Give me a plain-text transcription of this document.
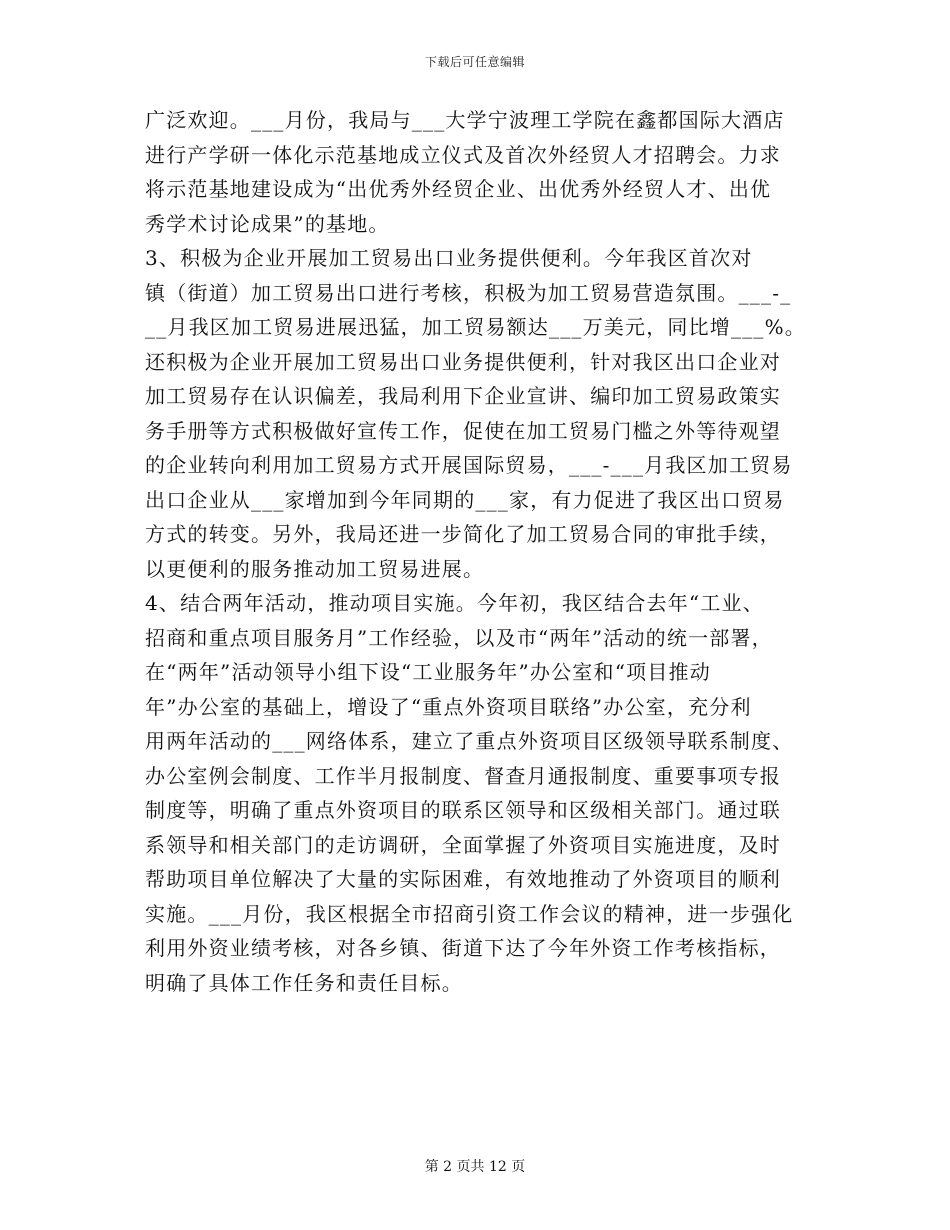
下载后可任意编辑
广泛欢迎。___月份，我局与___大学宁波理工学院在鑫都国际大酒店
进行产学研一体化示范基地成立仪式及首次外经贸人才招聘会。力求
将示范基地建设成为“出优秀外经贸企业、出优秀外经贸人才、出优
秀学术讨论成果”的基地。
3、积极为企业开展加工贸易出口业务提供便利。今年我区首次对
镇（街道）加工贸易出口进行考核，积极为加工贸易营造氛围。___-_
__月我区加工贸易进展迅猛，加工贸易额达___万美元，同比增___%。
还积极为企业开展加工贸易出口业务提供便利，针对我区出口企业对
加工贸易存在认识偏差，我局利用下企业宣讲、编印加工贸易政策实
务手册等方式积极做好宣传工作，促使在加工贸易门槛之外等待观望
的企业转向利用加工贸易方式开展国际贸易，___-___月我区加工贸易
出口企业从___家增加到今年同期的___家，有力促进了我区出口贸易
方式的转变。另外，我局还进一步简化了加工贸易合同的审批手续，
以更便利的服务推动加工贸易进展。
4、结合两年活动，推动项目实施。今年初，我区结合去年“工业、
招商和重点项目服务月”工作经验，以及市“两年”活动的统一部署，
在“两年”活动领导小组下设“工业服务年”办公室和“项目推动
年”办公室的基础上，增设了“重点外资项目联络”办公室，充分利
用两年活动的___网络体系，建立了重点外资项目区级领导联系制度、
办公室例会制度、工作半月报制度、督查月通报制度、重要事项专报
制度等，明确了重点外资项目的联系区领导和区级相关部门。通过联
系领导和相关部门的走访调研，全面掌握了外资项目实施进度，及时
帮助项目单位解决了大量的实际困难，有效地推动了外资项目的顺利
实施。___月份，我区根据全市招商引资工作会议的精神，进一步强化
利用外资业绩考核，对各乡镇、街道下达了今年外资工作考核指标，
明确了具体工作任务和责任目标。
第 2 页共 12 页
